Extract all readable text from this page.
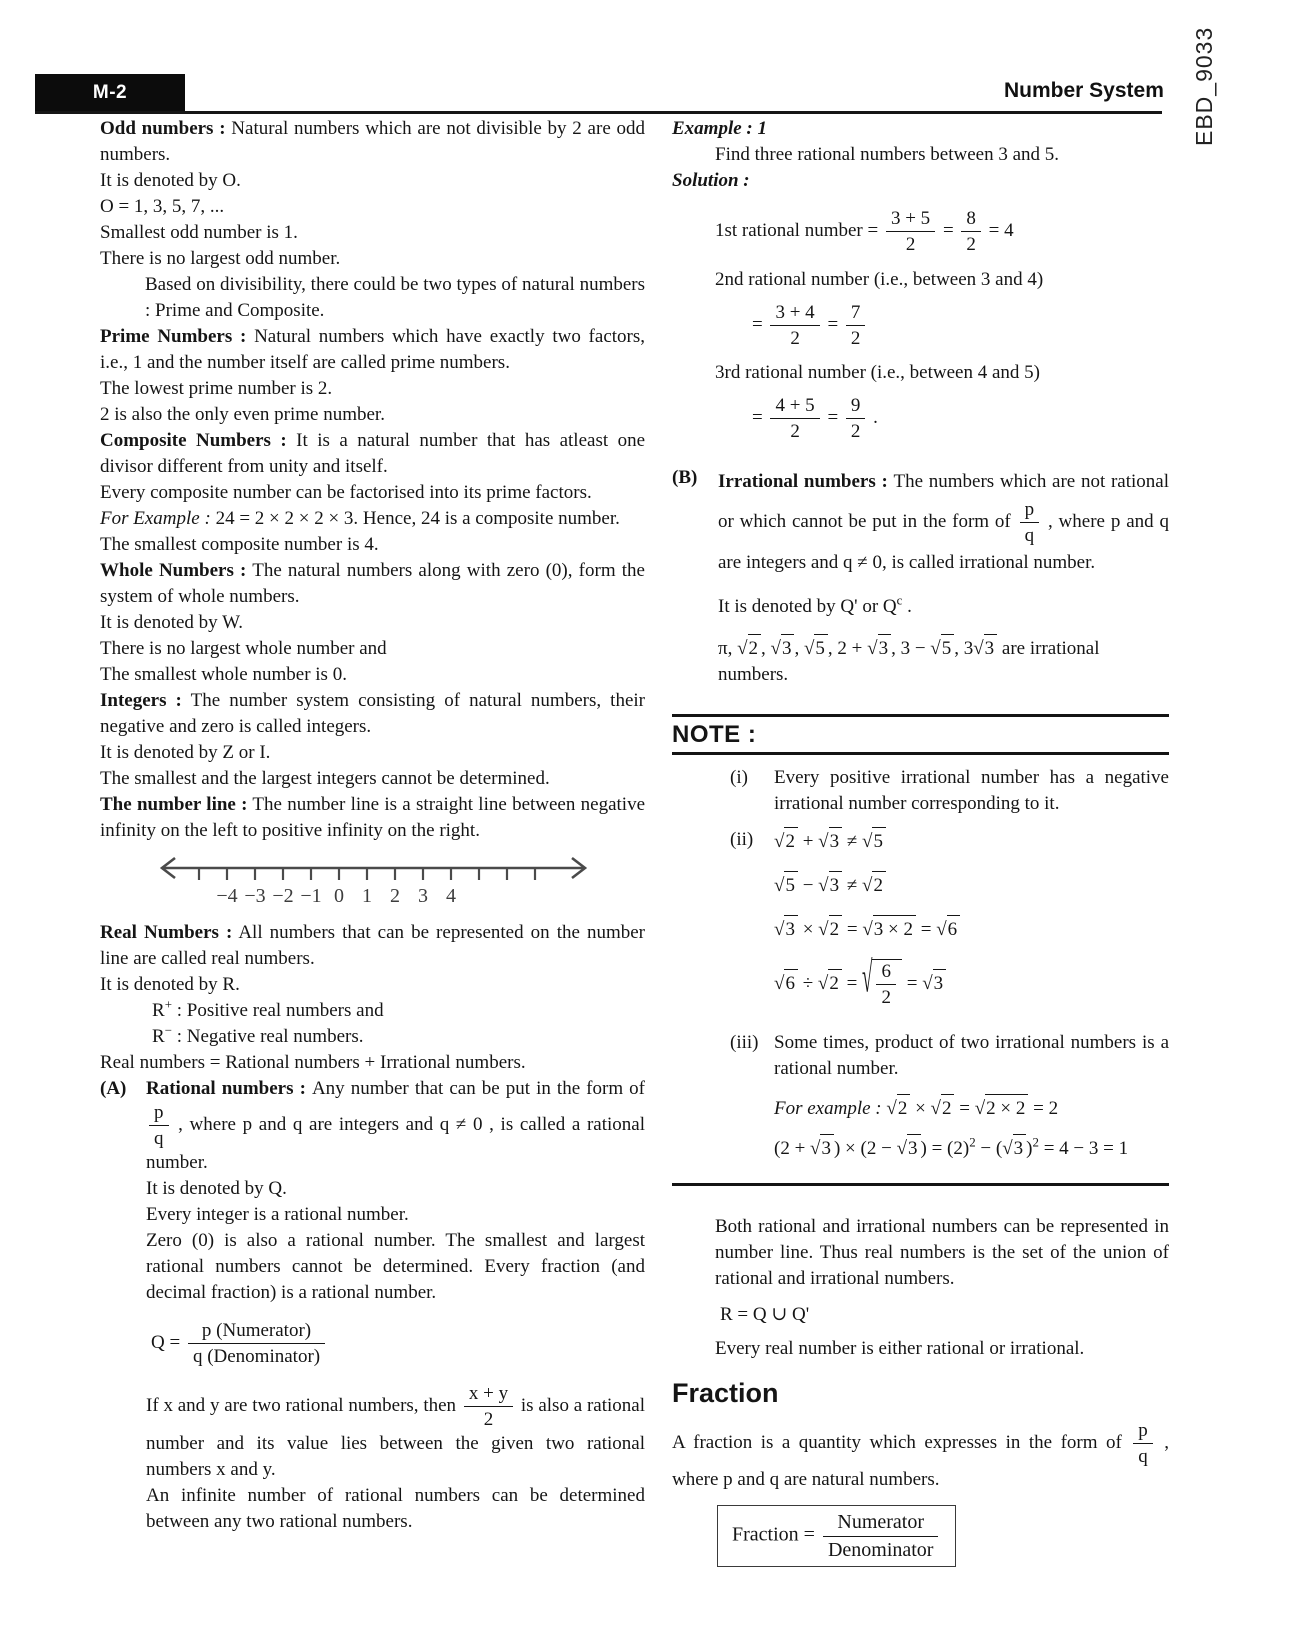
M-2	Number System EBD_9033

Odd numbers : Natural numbers which are not divisible by 2 are odd numbers.

It is denoted by O.
O = 1, 3, 5, 7, ...
Smallest odd number is 1.
There is no largest odd number.

Based on divisibility, there could be two types of natural numbers : Prime and Composite.

Prime Numbers : Natural numbers which have exactly two factors, i.e., 1 and the number itself are called prime numbers.

The lowest prime number is 2.
2 is also the only even prime number.

Composite Numbers : It is a natural number that has atleast one divisor different from unity and itself.

Every composite number can be factorised into its prime factors.

For Example : 24 = 2 × 2 × 2 × 3. Hence, 24 is a composite number.

The smallest composite number is 4.

Whole Numbers : The natural numbers along with zero (0), form the system of whole numbers.

It is denoted by W.
There is no largest whole number and
The smallest whole number is 0.

Integers : The number system consisting of natural numbers, their negative and zero is called integers.

It is denoted by Z or I.
The smallest and the largest integers cannot be determined.

The number line : The number line is a straight line between negative infinity on the left to positive infinity on the right.

−4 −3 −2 −1 0 1 2 3 4

Real Numbers : All numbers that can be represented on the number line are called real numbers.

It is denoted by R.
R+ : Positive real numbers and
R− : Negative real numbers.
Real numbers = Rational numbers + Irrational numbers.
(A)	Rational numbers : Any number that can be put in the form of
$\frac{p}{q}$ , where p and q are integers and q ≠ 0 , is called a rational number.
It is denoted by Q.
Every integer is a rational number.

Zero (0) is also a rational number. The smallest and largest rational numbers cannot be determined. Every fraction (and decimal fraction) is a rational number.

$Q = \frac{\text{p (Numerator)}}{\text{q (Denominator)}}$

If x and y are two rational numbers, then $\frac{x + y}{2}$ is also a rational number and its value lies between the given two rational numbers x and y.

An infinite number of rational numbers can be determined between any two rational numbers.

Example : 1
Find three rational numbers between 3 and 5.
Solution :
1st rational number = $\frac{3 + 5}{2} = \frac{8}{2} = 4$
2nd rational number (i.e., between 3 and 4)
= $\frac{3 + 4}{2} = \frac{7}{2}$
3rd rational number (i.e., between 4 and 5)
= $\frac{4 + 5}{2} = \frac{9}{2}$ .
(B)	Irrational numbers : The numbers which are not rational or which cannot be put in the form of $\frac{p}{q}$ , where p and q are integers and q ≠ 0, is called irrational number.
It is denoted by Q' or $Q^c$ .
π, √2 , √3 , √5 , 2 + √3 , 3 − √5 , 3√3 are irrational numbers.
NOTE :
(i)	Every positive irrational number has a negative irrational number corresponding to it.
(ii)	√2 + √3 ≠ √5
√5 − √3 ≠ √2
√3 × √2 = √3 × 2 = √6
√6 ÷ √2 = √ $\frac{6}{2} = √3$
(iii) Some times, product of two irrational numbers is a rational number.
For example : √2 × √2 = √2 × 2 = 2
(2 + √3 ) × (2 − √3 ) = $(2)^2 - (√3$ )$^2$ = 4 − 3 = 1

Both rational and irrational numbers can be represented in number line. Thus real numbers is the set of the union of rational and irrational numbers.

R = Q ∪ Q'
Every real number is either rational or irrational.
Fraction

A fraction is a quantity which expresses in the form of $\frac{p}{q}$ , where p and q are natural numbers.

Fraction = $\frac{\text{Numerator}}{\text{Denominator}}$
